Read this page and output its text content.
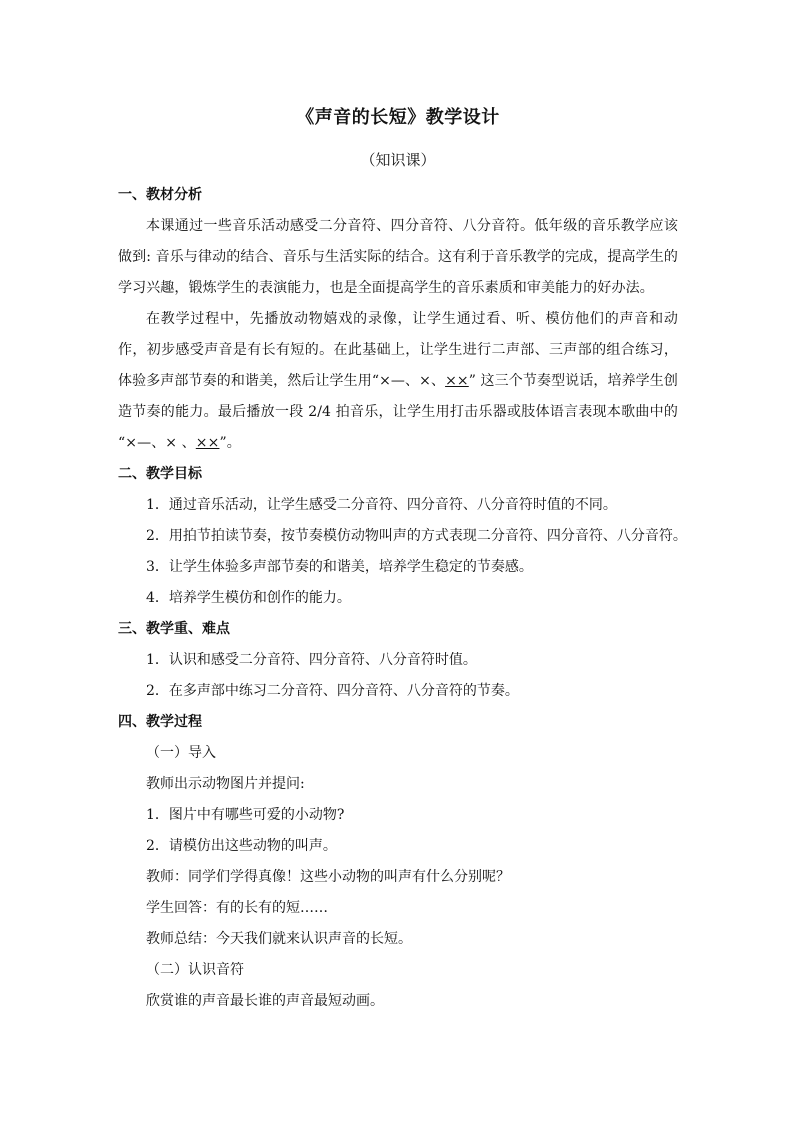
《声音的长短》教学设计
（知识课）
一、教材分析

本课通过一些音乐活动感受二分音符、四分音符、八分音符。低年级的音乐教学应该做到: 音乐与律动的结合、音乐与生活实际的结合。这有利于音乐教学的完成，提高学生的学习兴趣，锻炼学生的表演能力，也是全面提高学生的音乐素质和审美能力的好办法。

在教学过程中，先播放动物嬉戏的录像，让学生通过看、听、模仿他们的声音和动作，初步感受声音是有长有短的。在此基础上，让学生进行二声部、三声部的组合练习，体验多声部节奏的和谐美，然后让学生用“×—、×、××” 这三个节奏型说话，培养学生创造节奏的能力。最后播放一段 2/4 拍音乐，让学生用打击乐器或肢体语言表现本歌曲中的 “×—、× 、××”。

二、教学目标
1．通过音乐活动，让学生感受二分音符、四分音符、八分音符时值的不同。
2．用拍节拍读节奏，按节奏模仿动物叫声的方式表现二分音符、四分音符、八分音符。
3．让学生体验多声部节奏的和谐美，培养学生稳定的节奏感。
4．培养学生模仿和创作的能力。
三、教学重、难点
1．认识和感受二分音符、四分音符、八分音符时值。
2．在多声部中练习二分音符、四分音符、八分音符的节奏。
四、教学过程
（一）导入
教师出示动物图片并提问:
1．图片中有哪些可爱的小动物?
2．请模仿出这些动物的叫声。
教师：同学们学得真像！这些小动物的叫声有什么分别呢？
学生回答：有的长有的短……
教师总结：今天我们就来认识声音的长短。
（二）认识音符
欣赏谁的声音最长谁的声音最短动画。
